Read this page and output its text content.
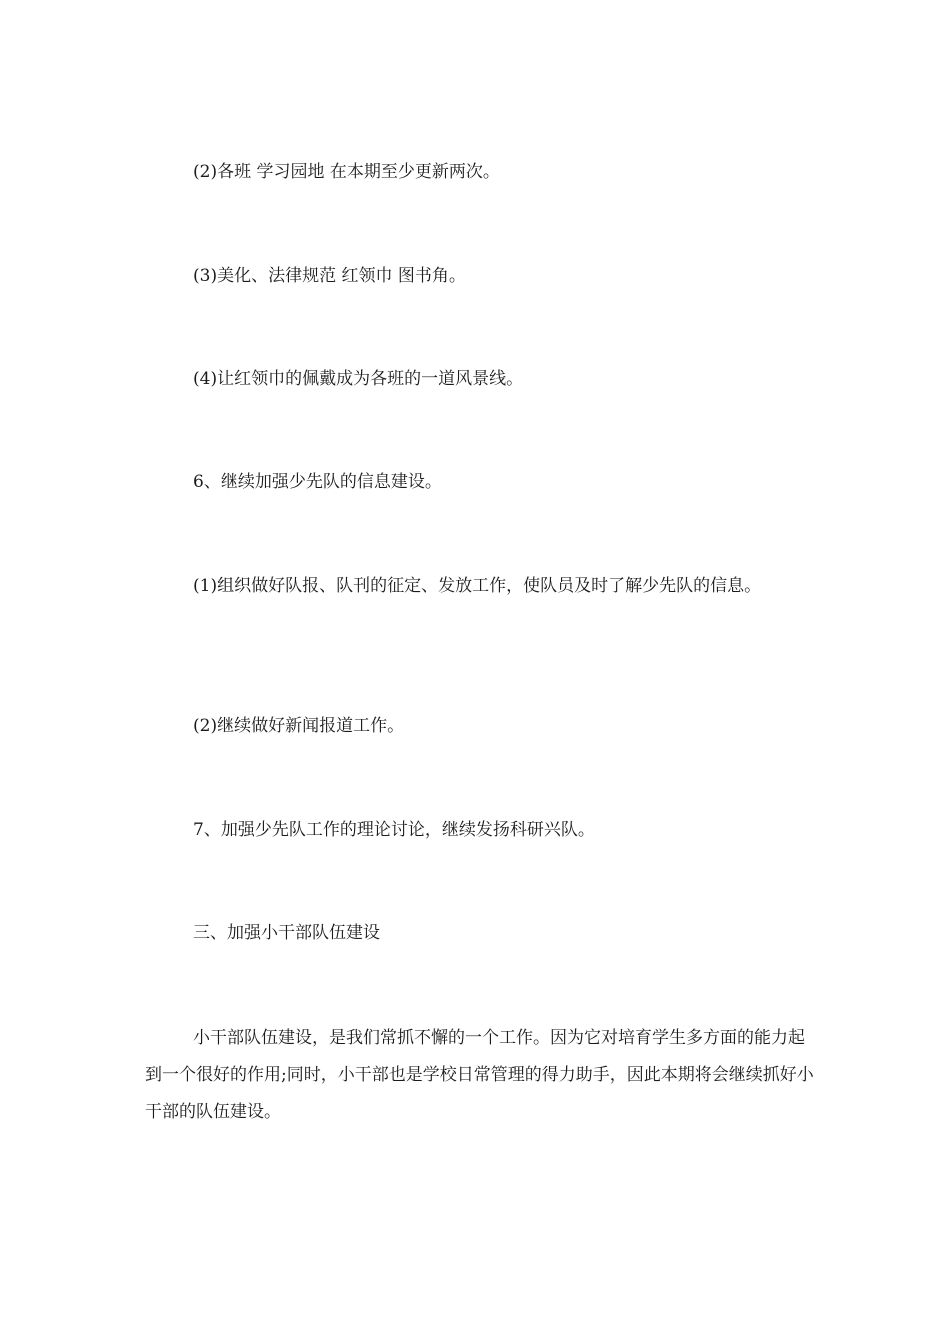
(2)各班 学习园地 在本期至少更新两次。

(3)美化、法律规范 红领巾 图书角。

(4)让红领巾的佩戴成为各班的一道风景线。

6、继续加强少先队的信息建设。

(1)组织做好队报、队刊的征定、发放工作，使队员及时了解少先队的信息。

(2)继续做好新闻报道工作。

7、加强少先队工作的理论讨论，继续发扬科研兴队。

三、加强小干部队伍建设

小干部队伍建设，是我们常抓不懈的一个工作。因为它对培育学生多方面的能力起到一个很好的作用;同时，小干部也是学校日常管理的得力助手，因此本期将会继续抓好小干部的队伍建设。
